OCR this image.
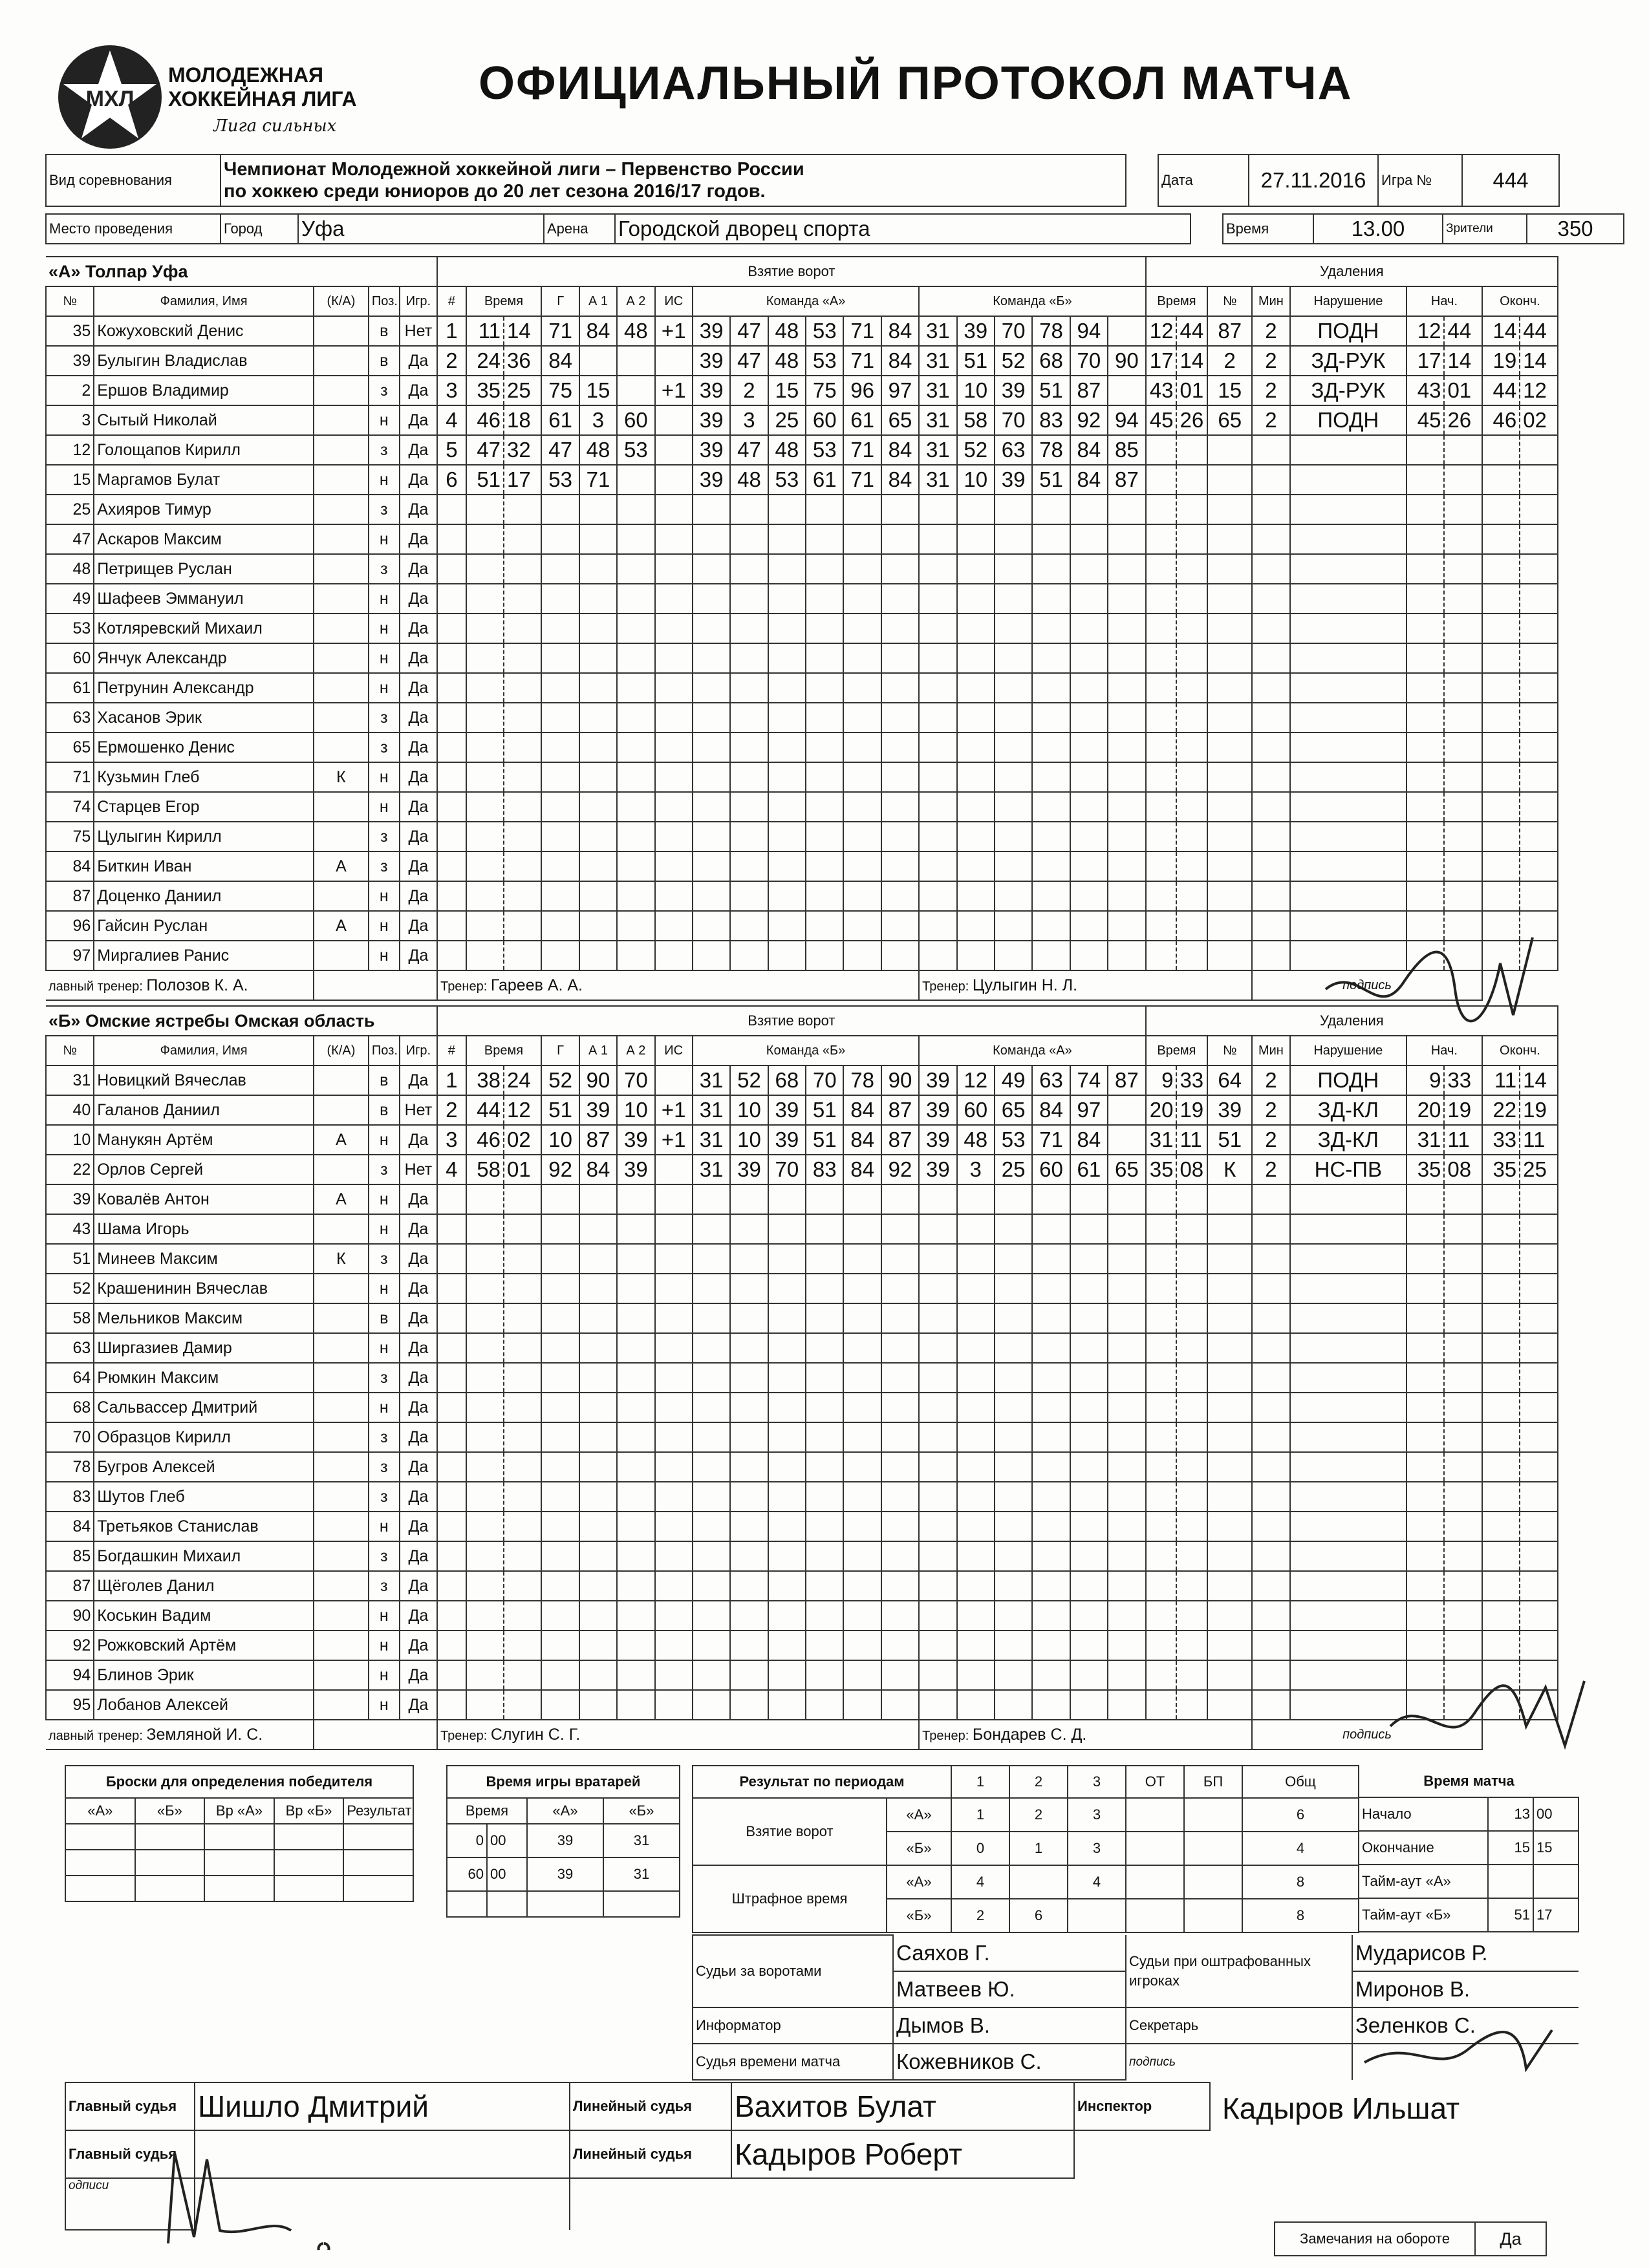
МХЛ
МОЛОДЕЖНАЯ
ХОККЕЙНАЯ ЛИГА
Лига сильных
ОФИЦИАЛЬНЫЙ ПРОТОКОЛ МАТЧА
Вид соревнования	
Чемпионат Молодежной хоккейной лиги – Первенство России
по хоккею среди юниоров до 20 лет сезона 2016/17 годов.
		Дата	27.11.2016	Игра №	444
Место проведения	Город	Уфа	Арена	Городской дворец спорта		Время	13.00	Зрители	350
«А» Толпар Уфа					Взятие ворот																			Удаления								
№	Фамилия, Имя	(К/А)	Поз.	Игр.	#	Время		Г	А 1	А 2	ИС	Команда «А»						Команда «Б»						Время		№	Мин	Нарушение	Нач.		Оконч.	
35	Кожуховский Денис		в	Нет	1	11	14	71	84	48	+1	39	47	48	53	71	84	31	39	70	78	94		12	44	87	2	ПОДН	12	44	14	44
39	Булыгин Владислав		в	Да	2	24	36	84				39	47	48	53	71	84	31	51	52	68	70	90	17	14	2	2	ЗД-РУК	17	14	19	14
2	Ершов Владимир		з	Да	3	35	25	75	15		+1	39	2	15	75	96	97	31	10	39	51	87		43	01	15	2	ЗД-РУК	43	01	44	12
3	Сытый Николай		н	Да	4	46	18	61	3	60		39	3	25	60	61	65	31	58	70	83	92	94	45	26	65	2	ПОДН	45	26	46	02
12	Голощапов Кирилл		з	Да	5	47	32	47	48	53		39	47	48	53	71	84	31	52	63	78	84	85									
15	Маргамов Булат		н	Да	6	51	17	53	71			39	48	53	61	71	84	31	10	39	51	84	87									
25	Ахияров Тимур		з	Да																												
47	Аскаров Максим		н	Да																												
48	Петрищев Руслан		з	Да																												
49	Шафеев Эммануил		н	Да																												
53	Котляревский Михаил		н	Да																												
60	Янчук Александр		н	Да																												
61	Петрунин Александр		н	Да																												
63	Хасанов Эрик		з	Да																												
65	Ермошенко Денис		з	Да																												
71	Кузьмин Глеб	К	н	Да																												
74	Старцев Егор		н	Да																												
75	Цулыгин Кирилл		з	Да																												
84	Биткин Иван	А	з	Да																												
87	Доценко Даниил		н	Да																												
96	Гайсин Руслан	А	н	Да																												
97	Миргалиев Ранис		н	Да																												
лавный тренер: Полозов К. А.					Тренер: Гареев А. А.													Тренер: Цулыгин Н. Л.									подпись					
«Б» Омские ястребы Омская область					Взятие ворот																			Удаления								
№	Фамилия, Имя	(К/А)	Поз.	Игр.	#	Время		Г	А 1	А 2	ИС	Команда «Б»						Команда «А»						Время		№	Мин	Нарушение	Нач.		Оконч.	
31	Новицкий Вячеслав		в	Да	1	38	24	52	90	70		31	52	68	70	78	90	39	12	49	63	74	87	9	33	64	2	ПОДН	9	33	11	14
40	Галанов Даниил		в	Нет	2	44	12	51	39	10	+1	31	10	39	51	84	87	39	60	65	84	97		20	19	39	2	ЗД-КЛ	20	19	22	19
10	Манукян Артём	А	н	Да	3	46	02	10	87	39	+1	31	10	39	51	84	87	39	48	53	71	84		31	11	51	2	ЗД-КЛ	31	11	33	11
22	Орлов Сергей		з	Нет	4	58	01	92	84	39		31	39	70	83	84	92	39	3	25	60	61	65	35	08	К	2	НС-ПВ	35	08	35	25
39	Ковалёв Антон	А	н	Да																												
43	Шама Игорь		н	Да																												
51	Минеев Максим	К	з	Да																												
52	Крашенинин Вячеслав		н	Да																												
58	Мельников Максим		в	Да																												
63	Ширгазиев Дамир		н	Да																												
64	Рюмкин Максим		з	Да																												
68	Сальвассер Дмитрий		н	Да																												
70	Образцов Кирилл		з	Да																												
78	Бугров Алексей		з	Да																												
83	Шутов Глеб		з	Да																												
84	Третьяков Станислав		н	Да																												
85	Богдашкин Михаил		з	Да																												
87	Щёголев Данил		з	Да																												
90	Коськин Вадим		н	Да																												
92	Рожковский Артём		н	Да																												
94	Блинов Эрик		н	Да																												
95	Лобанов Алексей		н	Да																												
лавный тренер: Земляной И. С.					Тренер: Слугин С. Г.													Тренер: Бондарев С. Д.									подпись					
Броски для определения победителя				
«А»	«Б»	Вр «А»	Вр «Б»	Результат

Время игры вратарей			
Время		«А»	«Б»
0	00	39	31
60	00	39	31

Результат по периодам		1	2	3	ОТ	БП	Общ
Взятие ворот	«А»	1	2	3			6
	«Б»	0	1	3			4
Штрафное время	«А»	4		4			8
	«Б»	2	6				8
Время матча		
Начало	13	00
Окончание	15	15
Тайм-аут «А»		
Тайм-аут «Б»	51	17
Судьи за воротами	Саяхов Г.	Судьи при оштрафованных игроках	Мударисов Р.
	Матвеев Ю.		Миронов В.
Информатор	Дымов В.	Секретарь	Зеленков С.
Судья времени матча	Кожевников С.	подпись	
Главный судья	Шишло Дмитрий	Линейный судья	Вахитов Булат	Инспектор
Главный судья		Линейный судья	Кадыров Роберт	
одписи				
Кадыров Ильшат
Замечания на обороте	Да
